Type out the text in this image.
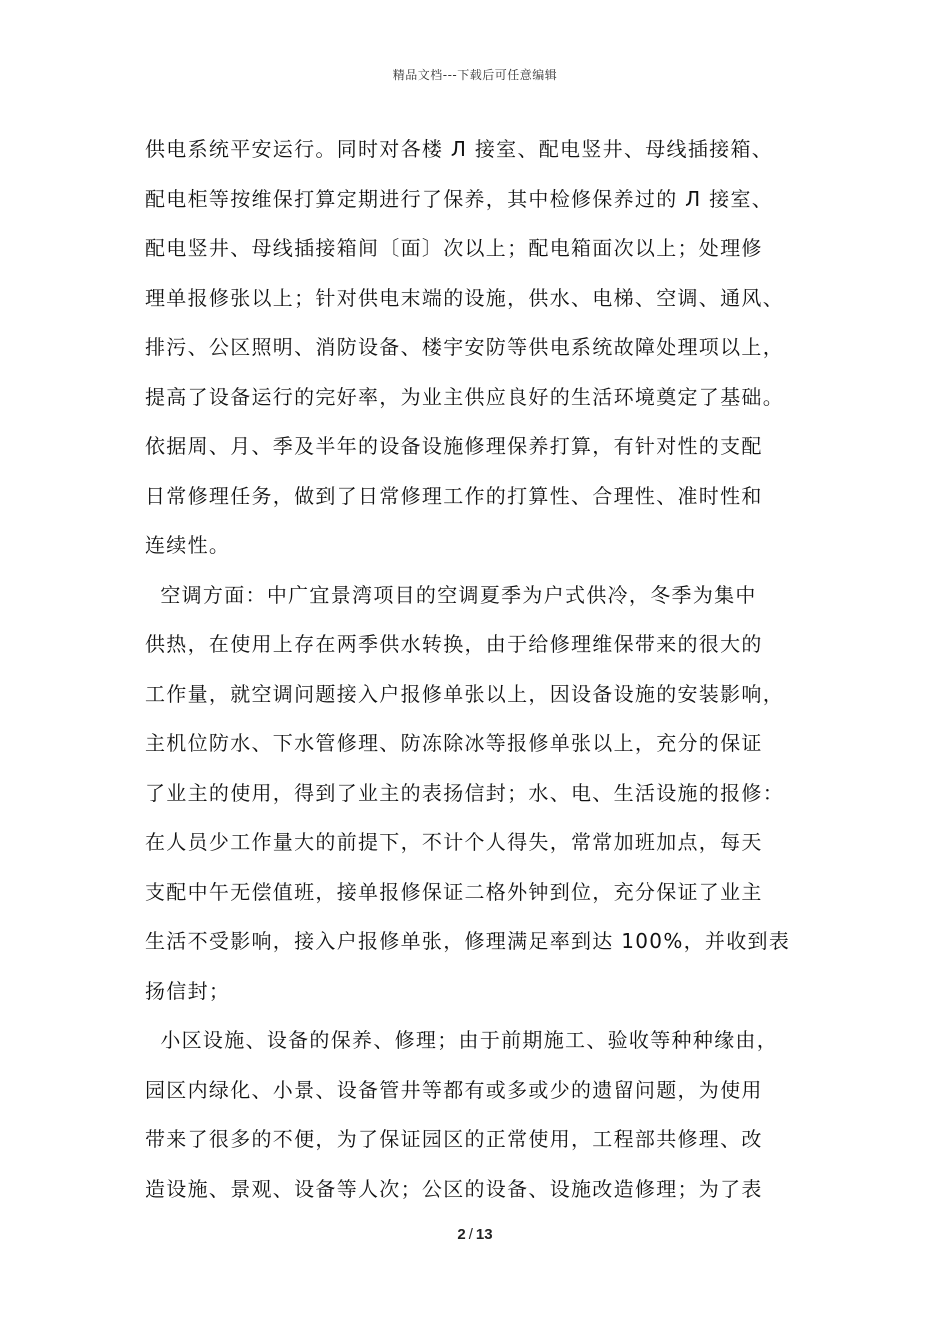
精品文档---下载后可任意编辑
供电系统平安运行。同时对各楼 Л 接室、配电竖井、母线插接箱、
配电柜等按维保打算定期进行了保养，其中检修保养过的 Л 接室、
配电竖井、母线插接箱间〔面〕次以上；配电箱面次以上；处理修
理单报修张以上；针对供电末端的设施，供水、电梯、空调、通风、
排污、公区照明、消防设备、楼宇安防等供电系统故障处理项以上，
提高了设备运行的完好率，为业主供应良好的生活环境奠定了基础。
依据周、月、季及半年的设备设施修理保养打算，有针对性的支配
日常修理任务，做到了日常修理工作的打算性、合理性、准时性和
连续性。
空调方面：中广宜景湾项目的空调夏季为户式供冷，冬季为集中
供热，在使用上存在两季供水转换，由于给修理维保带来的很大的
工作量，就空调问题接入户报修单张以上，因设备设施的安装影响，
主机位防水、下水管修理、防冻除冰等报修单张以上，充分的保证
了业主的使用，得到了业主的表扬信封；水、电、生活设施的报修：
在人员少工作量大的前提下，不计个人得失，常常加班加点，每天
支配中午无偿值班，接单报修保证二格外钟到位，充分保证了业主
生活不受影响，接入户报修单张，修理满足率到达 100%，并收到表
扬信封；
小区设施、设备的保养、修理；由于前期施工、验收等种种缘由，
园区内绿化、小景、设备管井等都有或多或少的遗留问题，为使用
带来了很多的不便，为了保证园区的正常使用，工程部共修理、改
造设施、景观、设备等人次；公区的设备、设施改造修理；为了表
2 / 13
